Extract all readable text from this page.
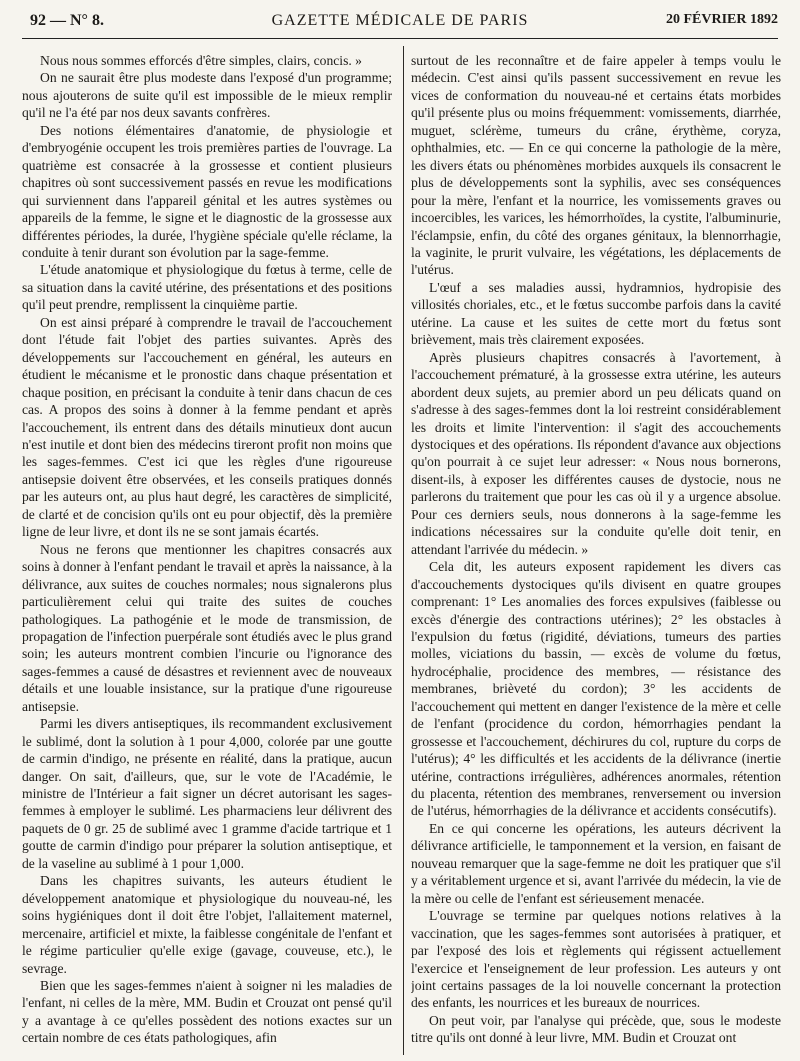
92 — N° 8.	GAZETTE MÉDICALE DE PARIS	20 FÉVRIER 1892

Nous nous sommes efforcés d'être simples, clairs, concis. »

On ne saurait être plus modeste dans l'exposé d'un programme; nous ajouterons de suite qu'il est impossible de le mieux remplir qu'il ne l'a été par nos deux savants confrères.

Des notions élémentaires d'anatomie, de physiologie et d'embryogénie occupent les trois premières parties de l'ouvrage. La quatrième est consacrée à la grossesse et contient plusieurs chapitres où sont successivement passés en revue les modifications qui surviennent dans l'appareil génital et les autres systèmes ou appareils de la femme, le signe et le diagnostic de la grossesse aux différentes périodes, la durée, l'hygiène spéciale qu'elle réclame, la conduite à tenir durant son évolution par la sage-femme.

L'étude anatomique et physiologique du fœtus à terme, celle de sa situation dans la cavité utérine, des présentations et des positions qu'il peut prendre, remplissent la cinquième partie.

On est ainsi préparé à comprendre le travail de l'accouchement dont l'étude fait l'objet des parties suivantes. Après des développements sur l'accouchement en général, les auteurs en étudient le mécanisme et le pronostic dans chaque présentation et chaque position, en précisant la conduite à tenir dans chacun de ces cas. A propos des soins à donner à la femme pendant et après l'accouchement, ils entrent dans des détails minutieux dont aucun n'est inutile et dont bien des médecins tireront profit non moins que les sages-femmes. C'est ici que les règles d'une rigoureuse antisepsie doivent être observées, et les conseils pratiques donnés par les auteurs ont, au plus haut degré, les caractères de simplicité, de clarté et de concision qu'ils ont eu pour objectif, dès la première ligne de leur livre, et dont ils ne se sont jamais écartés.

Nous ne ferons que mentionner les chapitres consacrés aux soins à donner à l'enfant pendant le travail et après la naissance, à la délivrance, aux suites de couches normales; nous signalerons plus particulièrement celui qui traite des suites de couches pathologiques. La pathogénie et le mode de transmission, de propagation de l'infection puerpérale sont étudiés avec le plus grand soin; les auteurs montrent combien l'incurie ou l'ignorance des sages-femmes a causé de désastres et reviennent avec de nouveaux détails et une louable insistance, sur la pratique d'une rigoureuse antisepsie.

Parmi les divers antiseptiques, ils recommandent exclusivement le sublimé, dont la solution à 1 pour 4,000, colorée par une goutte de carmin d'indigo, ne présente en réalité, dans la pratique, aucun danger. On sait, d'ailleurs, que, sur le vote de l'Académie, le ministre de l'Intérieur a fait signer un décret autorisant les sages-femmes à employer le sublimé. Les pharmaciens leur délivrent des paquets de 0 gr. 25 de sublimé avec 1 gramme d'acide tartrique et 1 goutte de carmin d'indigo pour préparer la solution antiseptique, et de la vaseline au sublimé à 1 pour 1,000.

Dans les chapitres suivants, les auteurs étudient le développement anatomique et physiologique du nouveau-né, les soins hygiéniques dont il doit être l'objet, l'allaitement maternel, mercenaire, artificiel et mixte, la faiblesse congénitale de l'enfant et le régime particulier qu'elle exige (gavage, couveuse, etc.), le sevrage.

Bien que les sages-femmes n'aient à soigner ni les maladies de l'enfant, ni celles de la mère, MM. Budin et Crouzat ont pensé qu'il y a avantage à ce qu'elles possèdent des notions exactes sur un certain nombre de ces états pathologiques, afin

surtout de les reconnaître et de faire appeler à temps voulu le médecin. C'est ainsi qu'ils passent successivement en revue les vices de conformation du nouveau-né et certains états morbides qu'il présente plus ou moins fréquemment: vomissements, diarrhée, muguet, sclérème, tumeurs du crâne, érythème, coryza, ophthalmies, etc. — En ce qui concerne la pathologie de la mère, les divers états ou phénomènes morbides auxquels ils consacrent le plus de développements sont la syphilis, avec ses conséquences pour la mère, l'enfant et la nourrice, les vomissements graves ou incoercibles, les varices, les hémorrhoïdes, la cystite, l'albuminurie, l'éclampsie, enfin, du côté des organes génitaux, la blennorrhagie, la vaginite, le prurit vulvaire, les végétations, les déplacements de l'utérus.

L'œuf a ses maladies aussi, hydramnios, hydropisie des villosités choriales, etc., et le fœtus succombe parfois dans la cavité utérine. La cause et les suites de cette mort du fœtus sont brièvement, mais très clairement exposées.

Après plusieurs chapitres consacrés à l'avortement, à l'accouchement prématuré, à la grossesse extra utérine, les auteurs abordent deux sujets, au premier abord un peu délicats quand on s'adresse à des sages-femmes dont la loi restreint considérablement les droits et limite l'intervention: il s'agit des accouchements dystociques et des opérations. Ils répondent d'avance aux objections qu'on pourrait à ce sujet leur adresser: « Nous nous bornerons, disent-ils, à exposer les différentes causes de dystocie, nous ne parlerons du traitement que pour les cas où il y a urgence absolue. Pour ces derniers seuls, nous donnerons à la sage-femme les indications nécessaires sur la conduite qu'elle doit tenir, en attendant l'arrivée du médecin. »

Cela dit, les auteurs exposent rapidement les divers cas d'accouchements dystociques qu'ils divisent en quatre groupes comprenant: 1° Les anomalies des forces expulsives (faiblesse ou excès d'énergie des contractions utérines); 2° les obstacles à l'expulsion du fœtus (rigidité, déviations, tumeurs des parties molles, viciations du bassin, — excès de volume du fœtus, hydrocéphalie, procidence des membres, — résistance des membranes, brièveté du cordon); 3° les accidents de l'accouchement qui mettent en danger l'existence de la mère et celle de l'enfant (procidence du cordon, hémorrhagies pendant la grossesse et l'accouchement, déchirures du col, rupture du corps de l'utérus); 4° les difficultés et les accidents de la délivrance (inertie utérine, contractions irrégulières, adhérences anormales, rétention du placenta, rétention des membranes, renversement ou inversion de l'utérus, hémorrhagies de la délivrance et accidents consécutifs).

En ce qui concerne les opérations, les auteurs décrivent la délivrance artificielle, le tamponnement et la version, en faisant de nouveau remarquer que la sage-femme ne doit les pratiquer que s'il y a véritablement urgence et si, avant l'arrivée du médecin, la vie de la mère ou celle de l'enfant est sérieusement menacée.

L'ouvrage se termine par quelques notions relatives à la vaccination, que les sages-femmes sont autorisées à pratiquer, et par l'exposé des lois et règlements qui régissent actuellement l'exercice et l'enseignement de leur profession. Les auteurs y ont joint certains passages de la loi nouvelle concernant la protection des enfants, les nourrices et les bureaux de nourrices.

On peut voir, par l'analyse qui précède, que, sous le modeste titre qu'ils ont donné à leur livre, MM. Budin et Crouzat ont
